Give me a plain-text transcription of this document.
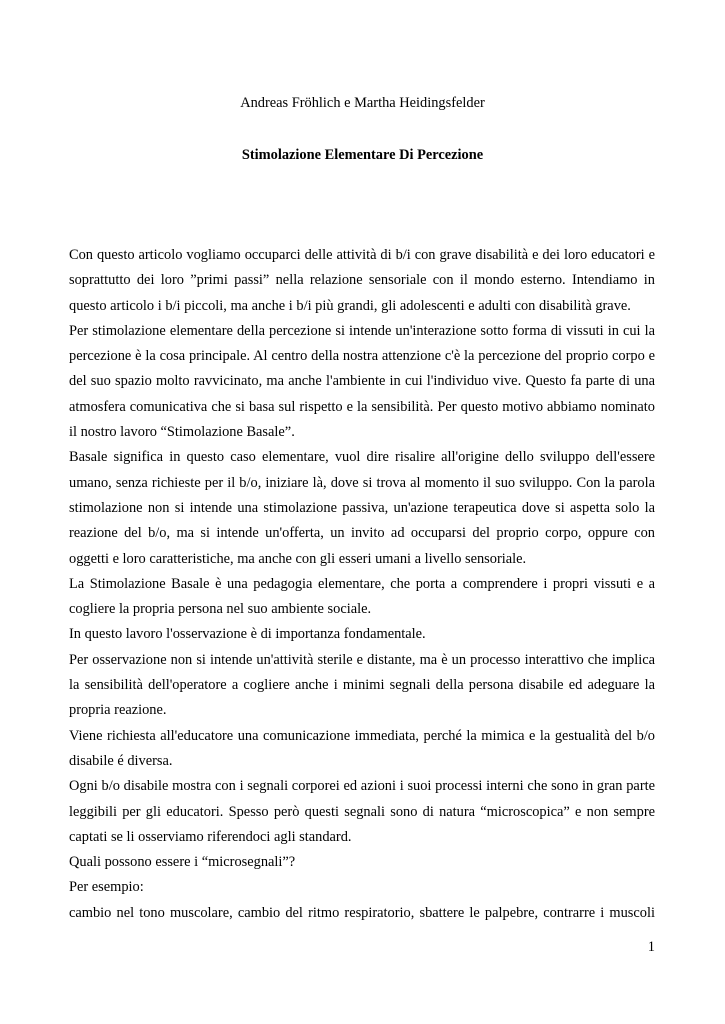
Andreas Fröhlich e Martha Heidingsfelder
Stimolazione Elementare Di Percezione

Con questo articolo vogliamo occuparci delle attività di b/i con grave disabilità e dei loro educatori e soprattutto dei loro ”primi passi” nella relazione sensoriale con il mondo esterno. Intendiamo in questo articolo i b/i piccoli, ma anche i b/i più grandi, gli adolescenti e adulti con disabilità grave.

Per stimolazione elementare della percezione si intende un'interazione sotto forma di vissuti in cui la percezione è la cosa principale. Al centro della nostra attenzione c'è la percezione del proprio corpo e del suo spazio molto ravvicinato, ma anche l'ambiente in cui l'individuo vive. Questo fa parte di una atmosfera comunicativa che si basa sul rispetto e la sensibilità. Per questo motivo abbiamo nominato il nostro lavoro “Stimolazione Basale”.

Basale significa in questo caso elementare, vuol dire risalire all'origine dello sviluppo dell'essere umano, senza richieste per il b/o, iniziare là, dove si trova al momento il suo sviluppo. Con la parola stimolazione non si intende una stimolazione passiva, un'azione terapeutica dove si aspetta solo la reazione del b/o, ma si intende un'offerta, un invito ad occuparsi del proprio corpo, oppure con oggetti e loro caratteristiche, ma anche con gli esseri umani a livello sensoriale.

La Stimolazione Basale è una pedagogia elementare, che porta a comprendere i propri vissuti e a cogliere la propria persona nel suo ambiente sociale.

In questo lavoro l'osservazione è di importanza fondamentale.

Per osservazione non si intende un'attività sterile e distante, ma è un processo interattivo che implica la sensibilità dell'operatore a cogliere anche i minimi segnali della persona disabile ed adeguare la propria reazione.

Viene richiesta all'educatore una comunicazione immediata, perché la mimica e la gestualità del b/o disabile é diversa.

Ogni b/o disabile mostra con i segnali corporei ed azioni i suoi processi interni che sono in gran parte leggibili per gli educatori. Spesso però questi segnali sono di natura “microscopica” e non sempre captati se li osserviamo riferendoci agli standard.

Quali possono essere i “microsegnali”?

Per esempio:

cambio nel tono muscolare, cambio del ritmo respiratorio, sbattere le palpebre, contrarre i muscoli

1
